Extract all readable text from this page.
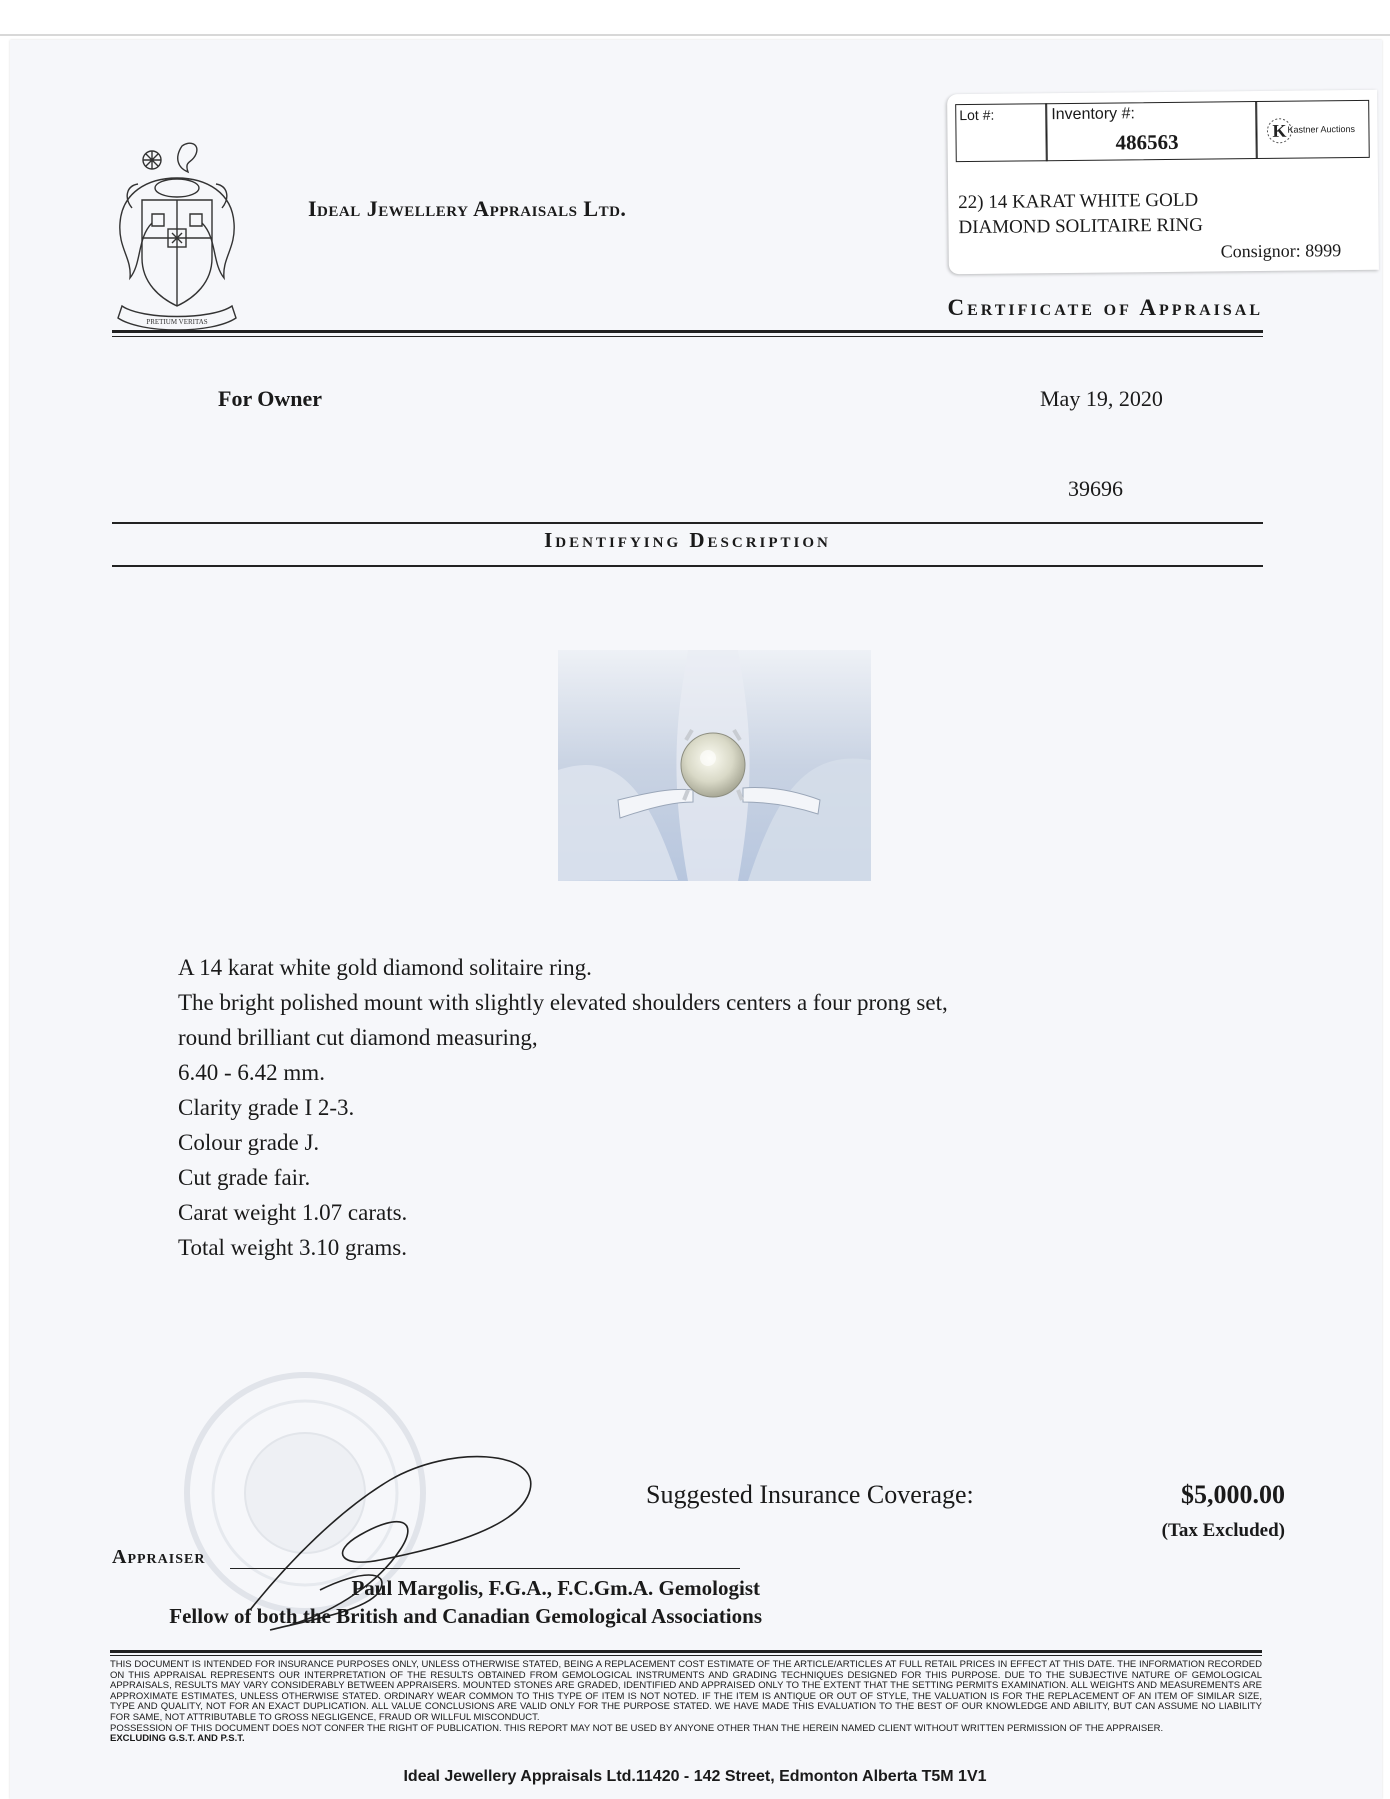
PRETIUM VERITAS
Ideal Jewellery Appraisals Ltd.
Lot #:	Inventory #:
486563	K Kastner Auctions
22) 14 KARAT WHITE GOLD
DIAMOND SOLITAIRE RING
Consignor: 8999
Certificate of Appraisal
For Owner	May 19, 2020
39696
Identifying Description
A 14 karat white gold diamond solitaire ring.
The bright polished mount with slightly elevated shoulders centers a four prong set,
round brilliant cut diamond measuring,
6.40 - 6.42 mm.
Clarity grade I 2-3.
Colour grade J.
Cut grade fair.
Carat weight 1.07 carats.
Total weight 3.10 grams.
Suggested Insurance Coverage:	$5,000.00
(Tax Excluded)
Appraiser
Paul Margolis, F.G.A., F.C.Gm.A. Gemologist
Fellow of both the British and Canadian Gemological Associations
THIS DOCUMENT IS INTENDED FOR INSURANCE PURPOSES ONLY, UNLESS OTHERWISE STATED, BEING A REPLACEMENT COST ESTIMATE OF THE ARTICLE/ARTICLES AT FULL RETAIL PRICES IN EFFECT AT THIS DATE. THE INFORMATION RECORDED ON THIS APPRAISAL REPRESENTS OUR INTERPRETATION OF THE RESULTS OBTAINED FROM GEMOLOGICAL INSTRUMENTS AND GRADING TECHNIQUES DESIGNED FOR THIS PURPOSE. DUE TO THE SUBJECTIVE NATURE OF GEMOLOGICAL APPRAISALS, RESULTS MAY VARY CONSIDERABLY BETWEEN APPRAISERS. MOUNTED STONES ARE GRADED, IDENTIFIED AND APPRAISED ONLY TO THE EXTENT THAT THE SETTING PERMITS EXAMINATION. ALL WEIGHTS AND MEASUREMENTS ARE APPROXIMATE ESTIMATES, UNLESS OTHERWISE STATED. ORDINARY WEAR COMMON TO THIS TYPE OF ITEM IS NOT NOTED. IF THE ITEM IS ANTIQUE OR OUT OF STYLE, THE VALUATION IS FOR THE REPLACEMENT OF AN ITEM OF SIMILAR SIZE, TYPE AND QUALITY, NOT FOR AN EXACT DUPLICATION. ALL VALUE CONCLUSIONS ARE VALID ONLY FOR THE PURPOSE STATED. WE HAVE MADE THIS EVALUATION TO THE BEST OF OUR KNOWLEDGE AND ABILITY, BUT CAN ASSUME NO LIABILITY FOR SAME, NOT ATTRIBUTABLE TO GROSS NEGLIGENCE, FRAUD OR WILLFUL MISCONDUCT.
POSSESSION OF THIS DOCUMENT DOES NOT CONFER THE RIGHT OF PUBLICATION. THIS REPORT MAY NOT BE USED BY ANYONE OTHER THAN THE HEREIN NAMED CLIENT WITHOUT WRITTEN PERMISSION OF THE APPRAISER.
EXCLUDING G.S.T. AND P.S.T.
Ideal Jewellery Appraisals Ltd.11420 - 142 Street, Edmonton Alberta T5M 1V1
